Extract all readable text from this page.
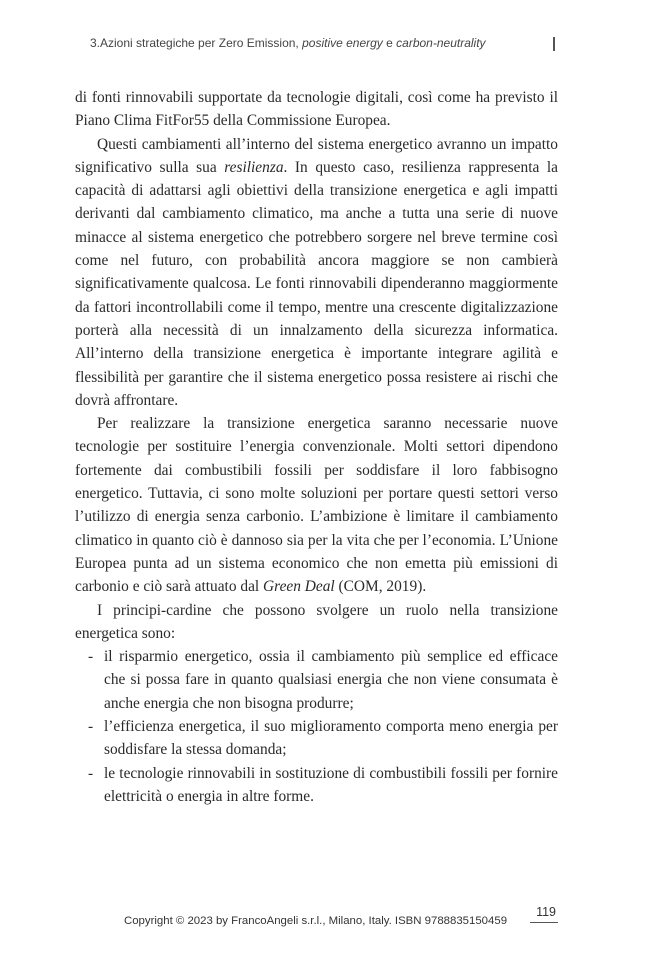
3.Azioni strategiche per Zero Emission, positive energy e carbon-neutrality

di fonti rinnovabili supportate da tecnologie digitali, così come ha previsto il Piano Clima FitFor55 della Commissione Europea.

Questi cambiamenti all’interno del sistema energetico avranno un impatto significativo sulla sua resilienza. In questo caso, resilienza rappresenta la capacità di adattarsi agli obiettivi della transizione energetica e agli impatti derivanti dal cambiamento climatico, ma anche a tutta una serie di nuove minacce al sistema energetico che potrebbero sorgere nel breve termine così come nel futuro, con probabilità ancora maggiore se non cambierà significativamente qualcosa. Le fonti rinnovabili dipenderanno maggiormente da fattori incontrollabili come il tempo, mentre una crescente digitalizzazione porterà alla necessità di un innalzamento della sicurezza informatica. All’interno della transizione energetica è importante integrare agilità e flessibilità per garantire che il sistema energetico possa resistere ai rischi che dovrà affrontare.

Per realizzare la transizione energetica saranno necessarie nuove tecnologie per sostituire l’energia convenzionale. Molti settori dipendono fortemente dai combustibili fossili per soddisfare il loro fabbisogno energetico. Tuttavia, ci sono molte soluzioni per portare questi settori verso l’utilizzo di energia senza carbonio. L’ambizione è limitare il cambiamento climatico in quanto ciò è dannoso sia per la vita che per l’economia. L’Unione Europea punta ad un sistema economico che non emetta più emissioni di carbonio e ciò sarà attuato dal Green Deal (COM, 2019).

I principi-cardine che possono svolgere un ruolo nella transizione energetica sono:

- il risparmio energetico, ossia il cambiamento più semplice ed efficace che si possa fare in quanto qualsiasi energia che non viene consumata è anche energia che non bisogna produrre;
- l’efficienza energetica, il suo miglioramento comporta meno energia per soddisfare la stessa domanda;
- le tecnologie rinnovabili in sostituzione di combustibili fossili per fornire elettricità o energia in altre forme.
Copyright © 2023 by FrancoAngeli s.r.l., Milano, Italy. ISBN 9788835150459
119
